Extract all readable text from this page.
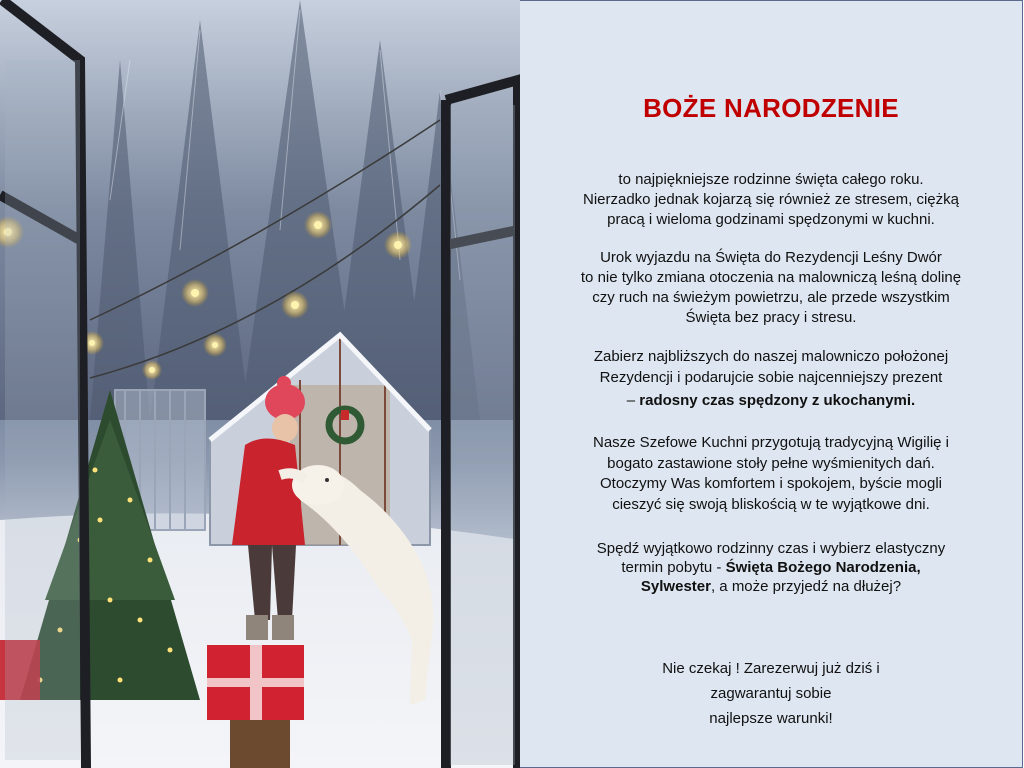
BOŻE NARODZENIE
to najpiękniejsze rodzinne święta całego roku.
Nierzadko jednak kojarzą się również ze stresem, ciężką
pracą i wieloma godzinami spędzonymi w kuchni.
Urok wyjazdu na Święta do Rezydencji Leśny Dwór
to nie tylko zmiana otoczenia na malowniczą leśną dolinę
czy ruch na świeżym powietrzu, ale przede wszystkim
Święta bez pracy i stresu.
Zabierz najbliższych do naszej malowniczo położonej
Rezydencji i podarujcie sobie najcenniejszy prezent
– radosny czas spędzony z ukochanymi.
Nasze Szefowe Kuchni przygotują tradycyjną Wigilię i
bogato zastawione stoły pełne wyśmienitych dań.
Otoczymy Was komfortem i spokojem, byście mogli
cieszyć się swoją bliskością w te wyjątkowe dni.
Spędź wyjątkowo rodzinny czas i wybierz elastyczny
termin pobytu - Święta Bożego Narodzenia,
Sylwester, a może przyjedź na dłużej?
Nie czekaj ! Zarezerwuj już dziś i
zagwarantuj sobie
najlepsze warunki!
